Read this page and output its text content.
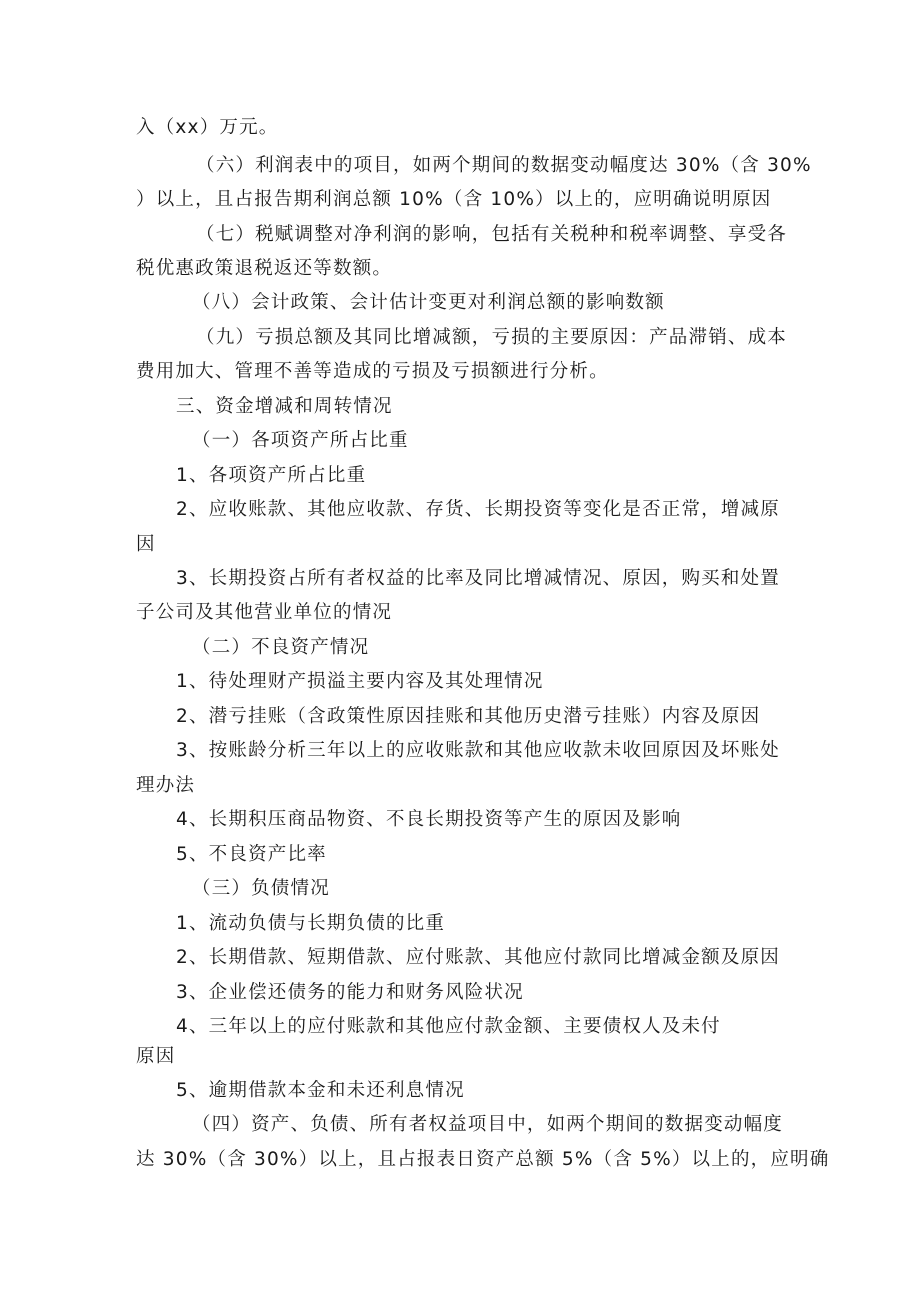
入（xx）万元。
（六）利润表中的项目，如两个期间的数据变动幅度达 30%（含 30%
）以上，且占报告期利润总额 10%（含 10%）以上的，应明确说明原因
（七）税赋调整对净利润的影响，包括有关税种和税率调整、享受各
税优惠政策退税返还等数额。
（八）会计政策、会计估计变更对利润总额的影响数额
（九）亏损总额及其同比增减额，亏损的主要原因：产品滞销、成本
费用加大、管理不善等造成的亏损及亏损额进行分析。
三、资金增减和周转情况
（一）各项资产所占比重
1、各项资产所占比重
2、应收账款、其他应收款、存货、长期投资等变化是否正常，增减原
因
3、长期投资占所有者权益的比率及同比增减情况、原因，购买和处置
子公司及其他营业单位的情况
（二）不良资产情况
1、待处理财产损溢主要内容及其处理情况
2、潜亏挂账（含政策性原因挂账和其他历史潜亏挂账）内容及原因
3、按账龄分析三年以上的应收账款和其他应收款未收回原因及坏账处
理办法
4、长期积压商品物资、不良长期投资等产生的原因及影响
5、不良资产比率
（三）负债情况
1、流动负债与长期负债的比重
2、长期借款、短期借款、应付账款、其他应付款同比增减金额及原因
3、企业偿还债务的能力和财务风险状况
4、三年以上的应付账款和其他应付款金额、主要债权人及未付
原因
5、逾期借款本金和未还利息情况
（四）资产、负债、所有者权益项目中，如两个期间的数据变动幅度
达 30%（含 30%）以上，且占报表日资产总额 5%（含 5%）以上的，应明确
